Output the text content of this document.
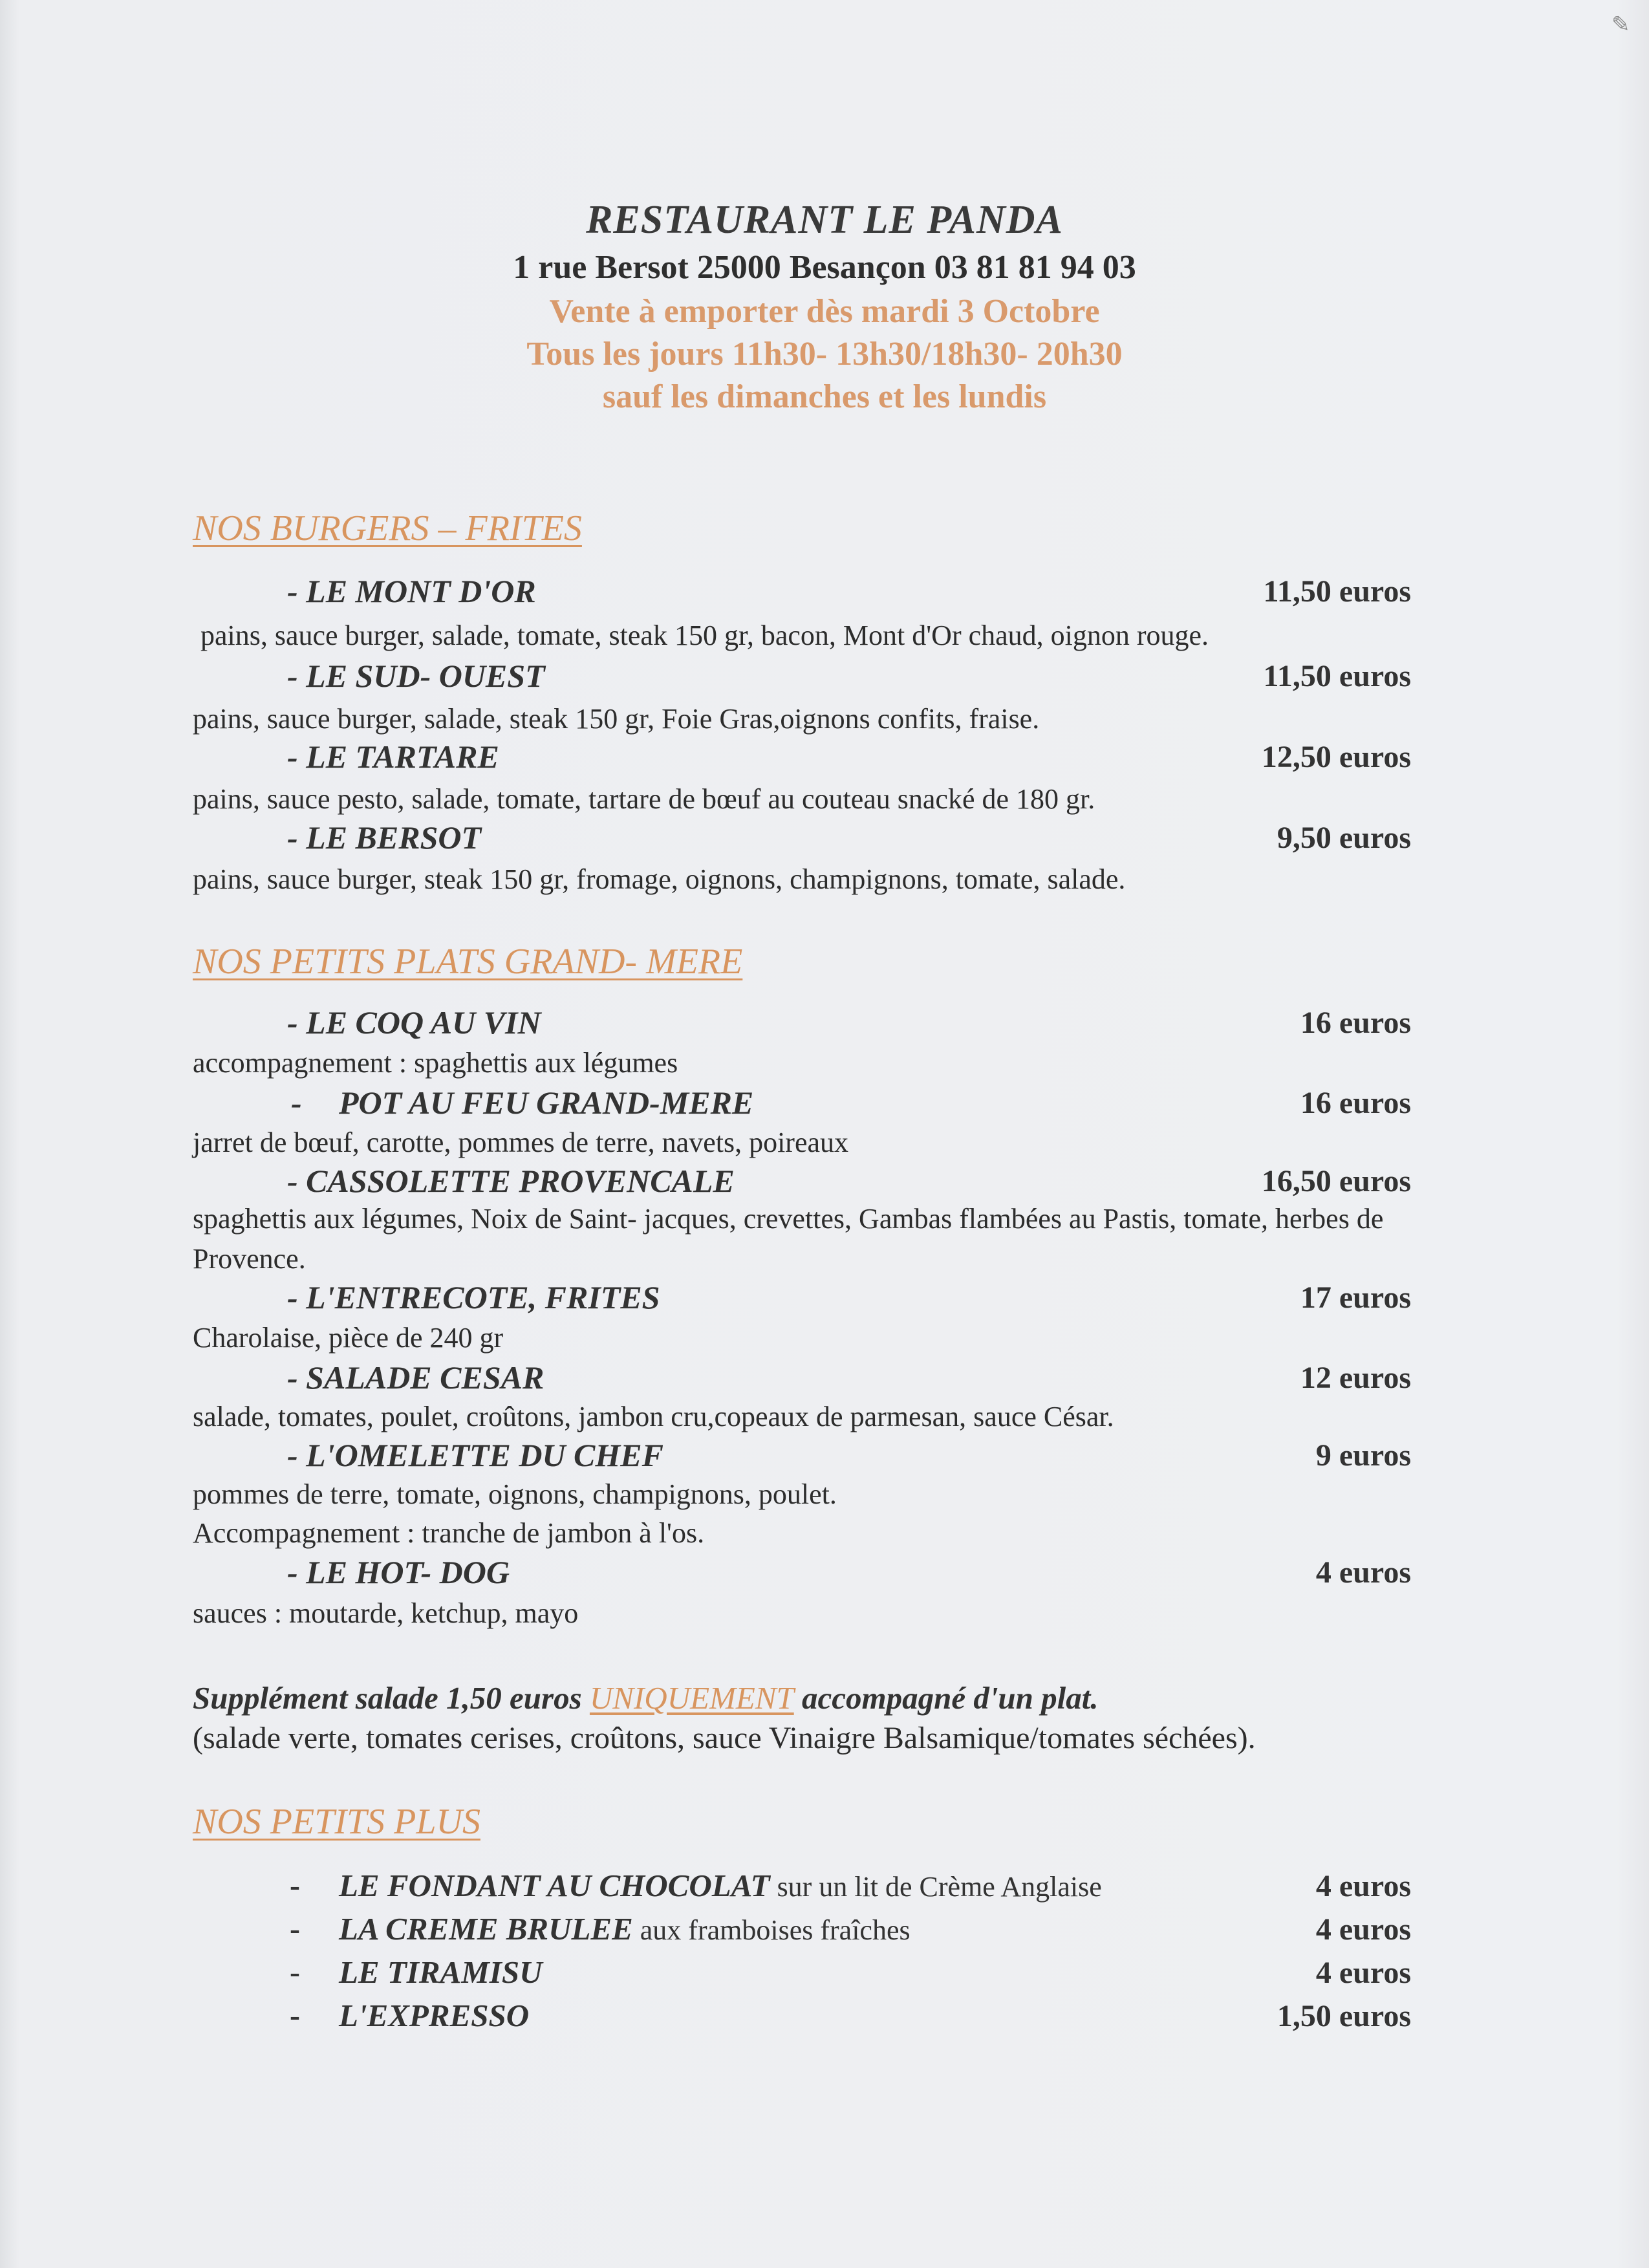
✎
RESTAURANT LE PANDA
1 rue Bersot 25000 Besançon 03 81 81 94 03
Vente à emporter dès mardi 3 Octobre
Tous les jours 11h30- 13h30/18h30- 20h30
sauf les dimanches et les lundis
NOS BURGERS – FRITES
- LE MONT D'OR	11,50 euros
pains, sauce burger, salade, tomate, steak 150 gr, bacon, Mont d'Or chaud, oignon rouge.
- LE SUD- OUEST	11,50 euros
pains, sauce burger, salade, steak 150 gr, Foie Gras,oignons confits, fraise.
- LE TARTARE	12,50 euros
pains, sauce pesto, salade, tomate, tartare de bœuf au couteau snacké de 180 gr.
- LE BERSOT	9,50 euros
pains, sauce burger, steak 150 gr, fromage, oignons, champignons, tomate, salade.
NOS PETITS PLATS GRAND- MERE
- LE COQ AU VIN	16 euros
accompagnement : spaghettis aux légumes
- POT AU FEU GRAND-MERE	16 euros
jarret de bœuf, carotte, pommes de terre, navets, poireaux
- CASSOLETTE PROVENCALE	16,50 euros
spaghettis aux légumes, Noix de Saint- jacques, crevettes, Gambas flambées au Pastis, tomate, herbes de Provence.
- L'ENTRECOTE, FRITES	17 euros
Charolaise, pièce de 240 gr
- SALADE CESAR	12 euros
salade, tomates, poulet, croûtons, jambon cru,copeaux de parmesan, sauce César.
- L'OMELETTE DU CHEF	9 euros
pommes de terre, tomate, oignons, champignons, poulet.
Accompagnement : tranche de jambon à l'os.
- LE HOT- DOG	4 euros
sauces : moutarde, ketchup, mayo
Supplément salade 1,50 euros UNIQUEMENT accompagné d'un plat.
(salade verte, tomates cerises, croûtons, sauce Vinaigre Balsamique/tomates séchées).
NOS PETITS PLUS
- LE FONDANT AU CHOCOLAT sur un lit de Crème Anglaise	4 euros
- LA CREME BRULEE aux framboises fraîches	4 euros
- LE TIRAMISU	4 euros
- L'EXPRESSO	1,50 euros
